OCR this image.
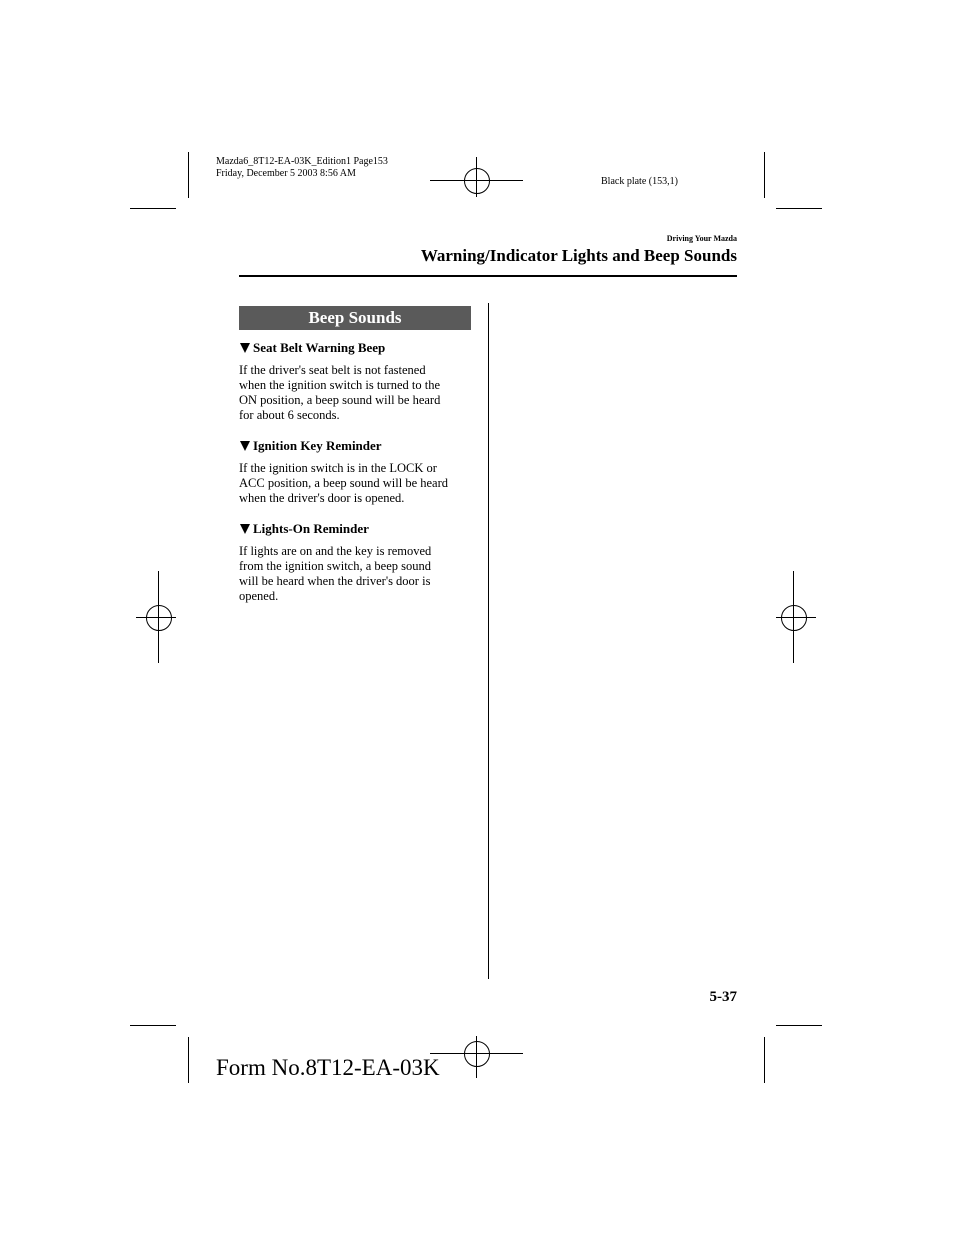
Mazda6_8T12-EA-03K_Edition1 Page153
Friday, December 5 2003 8:56 AM
Black plate (153,1)
Driving Your Mazda
Warning/Indicator Lights and Beep Sounds
Beep Sounds

Seat Belt Warning Beep

If the driver's seat belt is not fastened
when the ignition switch is turned to the
ON position, a beep sound will be heard
for about 6 seconds.

Ignition Key Reminder

If the ignition switch is in the LOCK or
ACC position, a beep sound will be heard
when the driver's door is opened.

Lights-On Reminder

If lights are on and the key is removed
from the ignition switch, a beep sound
will be heard when the driver's door is
opened.

5-37
Form No.8T12-EA-03K
